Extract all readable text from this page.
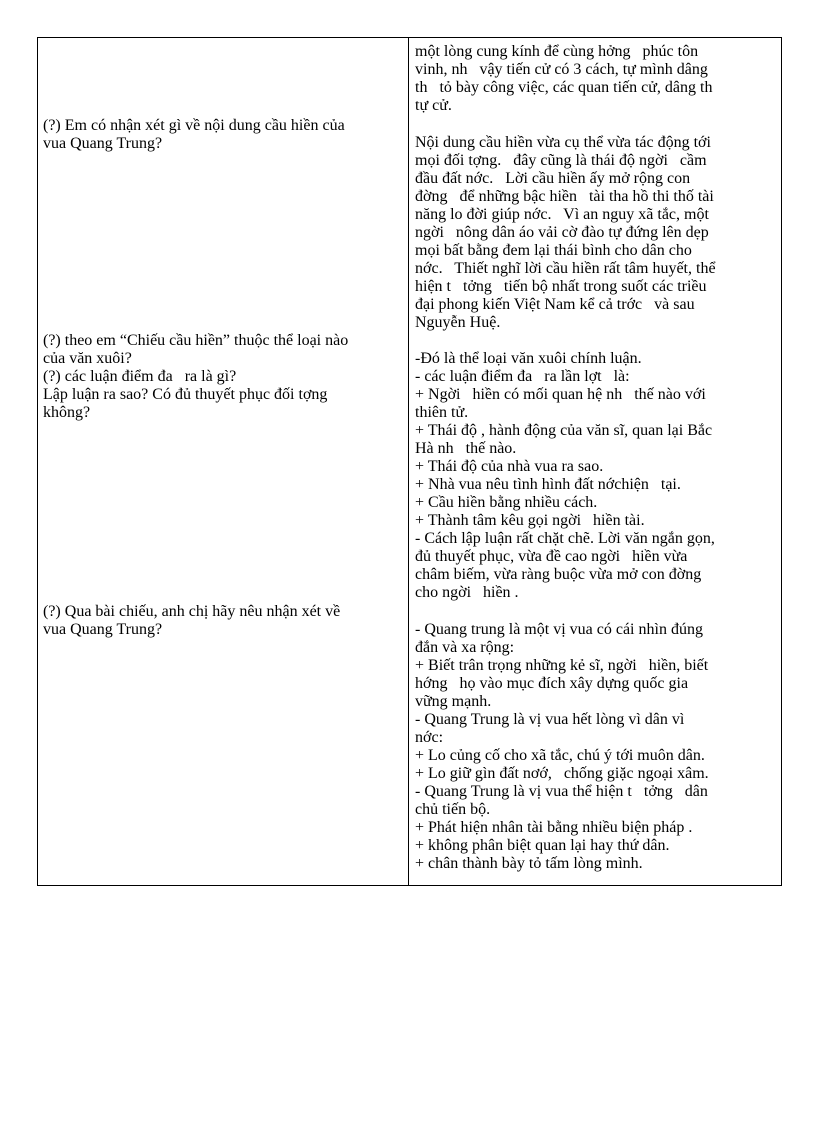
(?) Em có nhận xét gì về nội dung cầu hiền của
vua Quang Trung?
(?) theo em “Chiếu cầu hiền” thuộc thể loại nào
của văn xuôi?
(?) các luận điểm đa   ra là gì?
Lập luận ra sao? Có đủ thuyết phục đối tợng
không?
(?) Qua bài chiếu, anh chị hãy nêu nhận xét về
vua Quang Trung?
một lòng cung kính để cùng hởng   phúc tôn
vinh, nh   vậy tiến cử có 3 cách, tự mình dâng
th   tỏ bày công việc, các quan tiến cử, dâng th
tự cử.
Nội dung cầu hiền vừa cụ thể vừa tác động tới
mọi đối tợng.   đây cũng là thái độ ngời   cầm
đầu đất nớc.   Lời cầu hiền ấy mở rộng con
đờng   để những bậc hiền   tài tha hồ thi thố tài
năng lo đời giúp nớc.   Vì an nguy xã tắc, một
ngời   nông dân áo vải cờ đào tự đứng lên dẹp
mọi bất bằng đem lại thái bình cho dân cho
nớc.   Thiết nghĩ lời cầu hiền rất tâm huyết, thể
hiện t   tởng   tiến bộ nhất trong suốt các triều
đại phong kiến Việt Nam kể cả trớc   và sau
Nguyễn Huệ.
-Đó là thể loại văn xuôi chính luận.
- các luận điểm đa   ra lần lợt   là:
+ Ngời   hiền có mối quan hệ nh   thế nào với
thiên tử.
+ Thái độ , hành động của văn sĩ, quan lại Bắc
Hà nh   thế nào.
+ Thái độ của nhà vua ra sao.
+ Nhà vua nêu tình hình đất nớchiện   tại.
+ Cầu hiền bằng nhiều cách.
+ Thành tâm kêu gọi ngời   hiền tài.
- Cách lập luận rất chặt chẽ. Lời văn ngắn gọn,
đủ thuyết phục, vừa đề cao ngời   hiền vừa
châm biếm, vừa ràng buộc vừa mở con đờng
cho ngời   hiền .
- Quang trung là một vị vua có cái nhìn đúng
đắn và xa rộng:
+ Biết trân trọng những kẻ sĩ, ngời   hiền, biết
hớng   họ vào mục đích xây dựng quốc gia
vững mạnh.
- Quang Trung là vị vua hết lòng vì dân vì
nớc:
+ Lo củng cố cho xã tắc, chú ý tới muôn dân.
+ Lo giữ gìn đất nơớ,   chống giặc ngoại xâm.
- Quang Trung là vị vua thể hiện t   tởng   dân
chủ tiến bộ.
+ Phát hiện nhân tài bằng nhiều biện pháp .
+ không phân biệt quan lại hay thứ dân.
+ chân thành bày tỏ tấm lòng mình.
